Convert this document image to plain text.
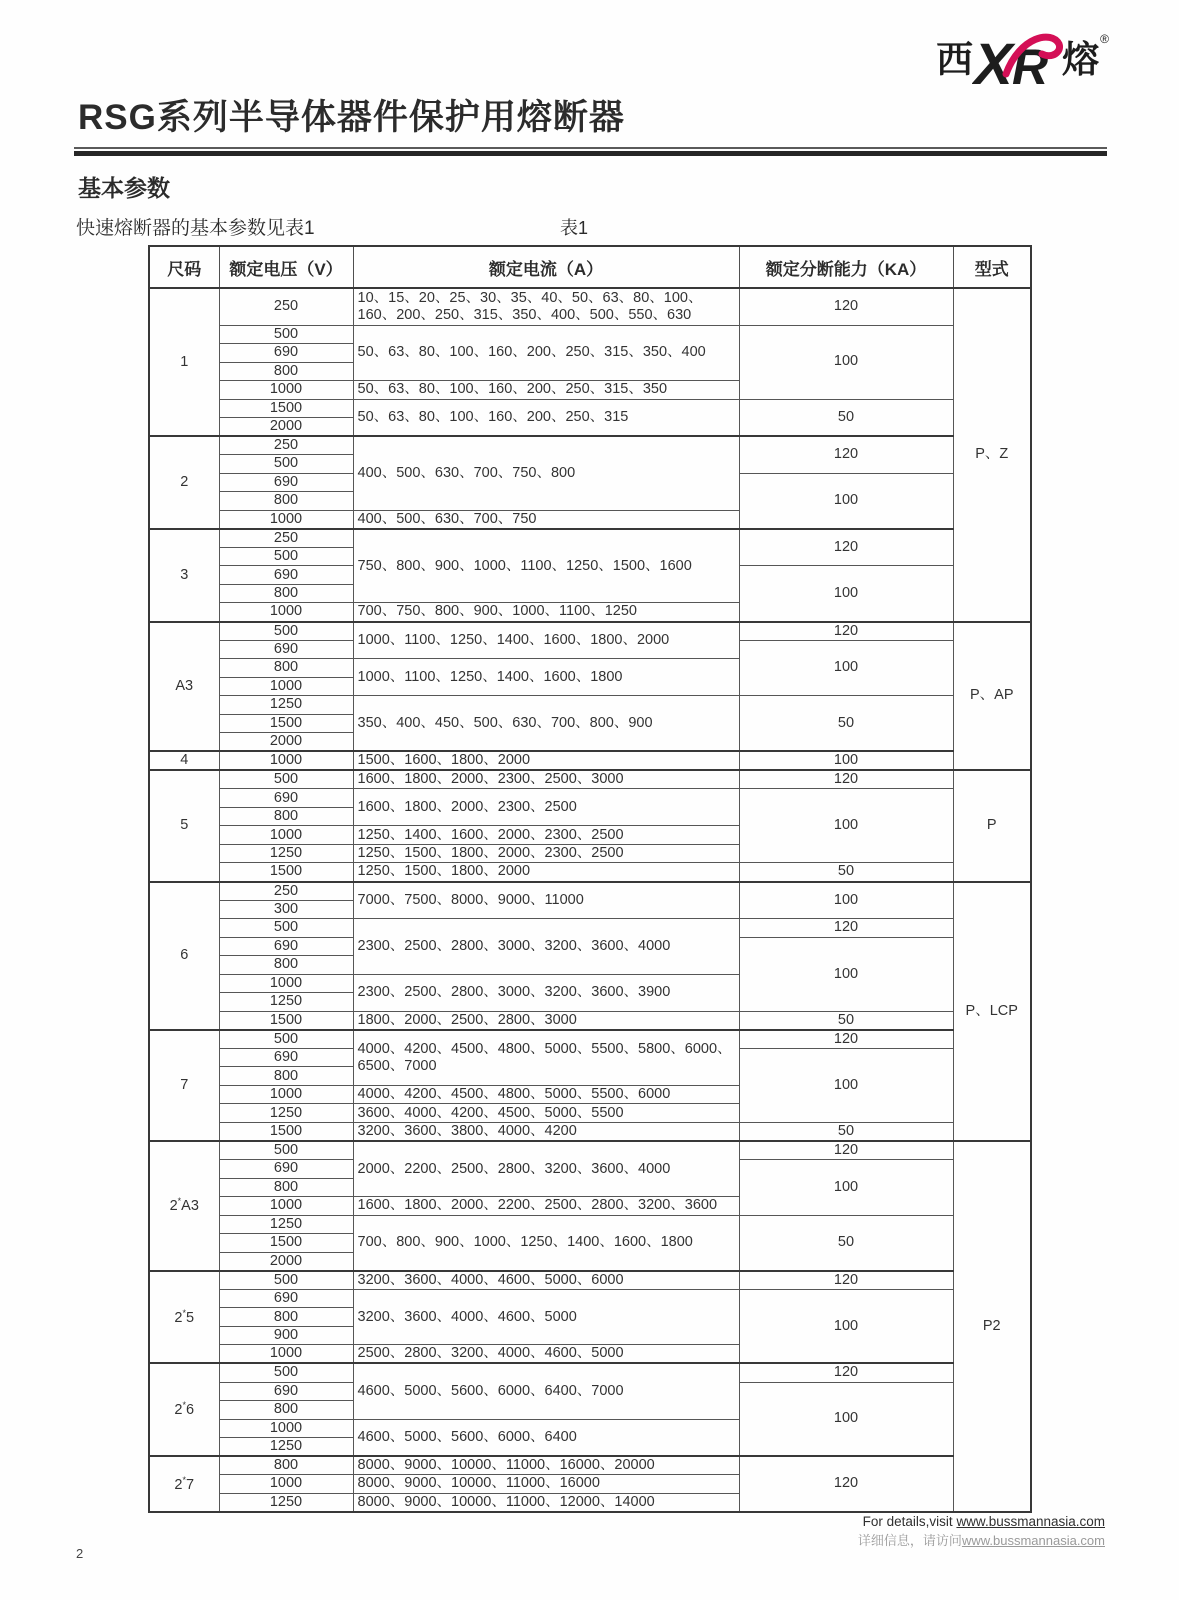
西 X R 熔 ®
RSG系列半导体器件保护用熔断器
基本参数
快速熔断器的基本参数见表1	表1
尺码	额定电压（V）	额定电流（A）	额定分断能力（KA）	型式
1	250	10、15、20、25、30、35、40、50、63、80、100、160、200、250、315、350、400、500、550、630	120	P、Z
	500	50、63、80、100、160、200、250、315、350、400	100	
	690			
	800			
	1000	50、63、80、100、160、200、250、315、350		
	1500	50、63、80、100、160、200、250、315	50	
	2000			
2	250	400、500、630、700、750、800	120	
	500			
	690		100	
	800			
	1000	400、500、630、700、750		
3	250	750、800、900、1000、1100、1250、1500、1600	120	
	500			
	690		100	
	800			
	1000	700、750、800、900、1000、1100、1250		
A3	500	1000、1100、1250、1400、1600、1800、2000	120	P、AP
	690		100	
	800	1000、1100、1250、1400、1600、1800		
	1000			
	1250	350、400、450、500、630、700、800、900	50	
	1500			
	2000			
4	1000	1500、1600、1800、2000	100	
5	500	1600、1800、2000、2300、2500、3000	120	P
	690	1600、1800、2000、2300、2500	100	
	800			
	1000	1250、1400、1600、2000、2300、2500		
	1250	1250、1500、1800、2000、2300、2500		
	1500	1250、1500、1800、2000	50	
6	250	7000、7500、8000、9000、11000	100	P、LCP
	300			
	500	2300、2500、2800、3000、3200、3600、4000	120	
	690		100	
	800			
	1000	2300、2500、2800、3000、3200、3600、3900		
	1250			
	1500	1800、2000、2500、2800、3000	50	
7	500	4000、4200、4500、4800、5000、5500、5800、6000、6500、7000	120	
	690		100	
	800			
	1000	4000、4200、4500、4800、5000、5500、6000		
	1250	3600、4000、4200、4500、5000、5500		
	1500	3200、3600、3800、4000、4200	50	
2*A3	500	2000、2200、2500、2800、3200、3600、4000	120	P2
	690		100	
	800			
	1000	1600、1800、2000、2200、2500、2800、3200、3600		
	1250	700、800、900、1000、1250、1400、1600、1800	50	
	1500			
	2000			
2*5	500	3200、3600、4000、4600、5000、6000	120	
	690	3200、3600、4000、4600、5000	100	
	800			
	900			
	1000	2500、2800、3200、4000、4600、5000		
2*6	500	4600、5000、5600、6000、6400、7000	120	
	690		100	
	800			
	1000	4600、5000、5600、6000、6400		
	1250			
2*7	800	8000、9000、10000、11000、16000、20000	120	
	1000	8000、9000、10000、11000、16000		
	1250	8000、9000、10000、11000、12000、14000		
For details,visit www.bussmannasia.com
详细信息，请访问www.bussmannasia.com
2
